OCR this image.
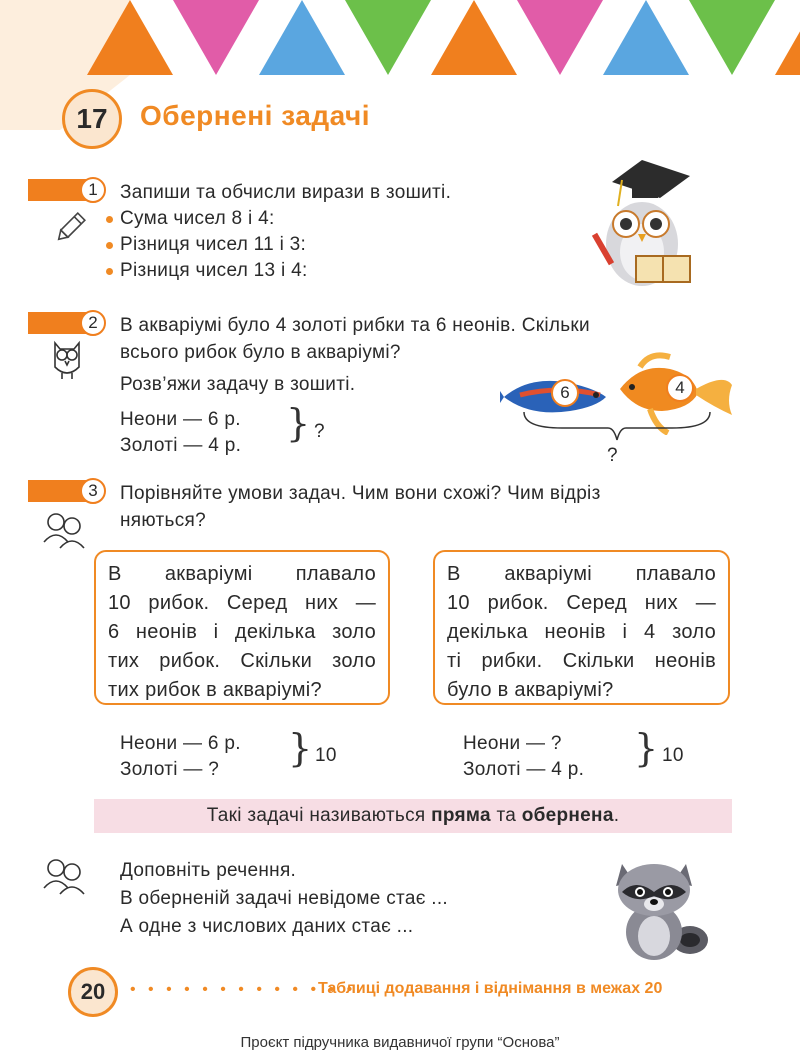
17 Обернені задачі
1 Запиши та обчисли вирази в зошиті.
Сума чисел 8 і 4:
Різниця чисел 11 і 3:
Різниця чисел 13 і 4:
2 В акваріумі було 4 золоті рибки та 6 неонів. Скільки
всього рибок було в акваріумі?
Розв’яжи задачу в зошиті.
Неони — 6 р.
Золоті — 4 р.
} ?
6	4
?
3 Порівняйте умови задач. Чим вони схожі? Чим відріз
няються?
В акваріумі плавало
10 рибок. Серед них —
6 неонів і декілька золо
тих рибок. Скільки золо
тих рибок в акваріумі?
В акваріумі плавало
10 рибок. Серед них —
декілька неонів і 4 золо
ті рибки. Скільки неонів
було в акваріумі?
Неони — 6 р.
Золоті — ? } 10
Неони — ?
Золоті — 4 р. } 10
Такі задачі називаються пряма та обернена .
Доповніть речення.
В оберненій задачі невідоме стає ...
А одне з числових даних стає ...
20 • • • • • • • • • • • • •
Таблиці додавання і віднімання в межах 20
Проєкт підручника видавничої групи “Основа”
